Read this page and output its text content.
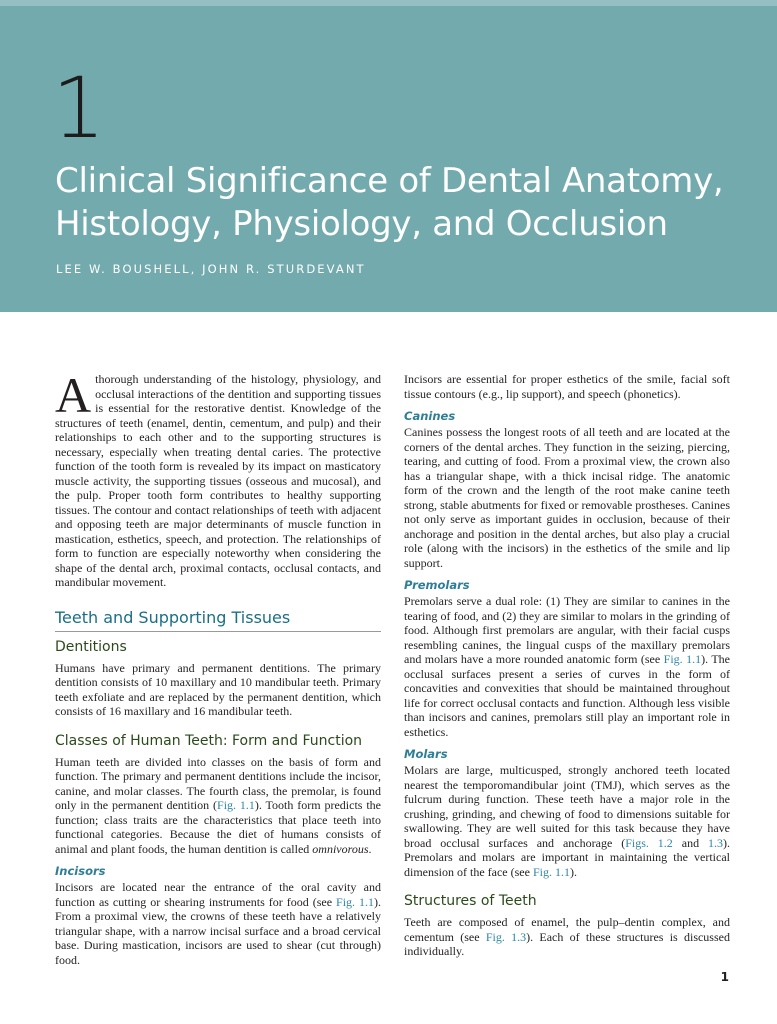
1
Clinical Significance of Dental Anatomy,
Histology, Physiology, and Occlusion
LEE W. BOUSHELL, JOHN R. STURDEVANT

Athorough understanding of the histology, physiology, and occlusal interactions of the dentition and supporting tissues is essential for the restorative dentist. Knowledge of the structures of teeth (enamel, dentin, cementum, and pulp) and their relationships to each other and to the supporting structures is necessary, especially when treating dental caries. The protective function of the tooth form is revealed by its impact on masticatory muscle activity, the supporting tissues (osseous and mucosal), and the pulp. Proper tooth form contributes to healthy supporting tissues. The contour and contact relationships of teeth with adjacent and opposing teeth are major determinants of muscle function in mastication, esthetics, speech, and protection. The relationships of form to function are especially noteworthy when considering the shape of the dental arch, proximal contacts, occlusal contacts, and mandibular movement.

Teeth and Supporting Tissues
Dentitions

Humans have primary and permanent dentitions. The primary dentition consists of 10 maxillary and 10 mandibular teeth. Primary teeth exfoliate and are replaced by the permanent dentition, which consists of 16 maxillary and 16 mandibular teeth.

Classes of Human Teeth: Form and Function

Human teeth are divided into classes on the basis of form and function. The primary and permanent dentitions include the incisor, canine, and molar classes. The fourth class, the premolar, is found only in the permanent dentition (Fig. 1.1). Tooth form predicts the function; class traits are the characteristics that place teeth into functional categories. Because the diet of humans consists of animal and plant foods, the human dentition is called omnivorous.

Incisors

Incisors are located near the entrance of the oral cavity and function as cutting or shearing instruments for food (see Fig. 1.1). From a proximal view, the crowns of these teeth have a relatively triangular shape, with a narrow incisal surface and a broad cervical base. During mastication, incisors are used to shear (cut through) food.

Incisors are essential for proper esthetics of the smile, facial soft tissue contours (e.g., lip support), and speech (phonetics).

Canines

Canines possess the longest roots of all teeth and are located at the corners of the dental arches. They function in the seizing, piercing, tearing, and cutting of food. From a proximal view, the crown also has a triangular shape, with a thick incisal ridge. The anatomic form of the crown and the length of the root make canine teeth strong, stable abutments for fixed or removable prostheses. Canines not only serve as important guides in occlusion, because of their anchorage and position in the dental arches, but also play a crucial role (along with the incisors) in the esthetics of the smile and lip support.

Premolars

Premolars serve a dual role: (1) They are similar to canines in the tearing of food, and (2) they are similar to molars in the grinding of food. Although first premolars are angular, with their facial cusps resembling canines, the lingual cusps of the maxillary premolars and molars have a more rounded anatomic form (see Fig. 1.1). The occlusal surfaces present a series of curves in the form of concavities and convexities that should be maintained throughout life for correct occlusal contacts and function. Although less visible than incisors and canines, premolars still play an important role in esthetics.

Molars

Molars are large, multicusped, strongly anchored teeth located nearest the temporomandibular joint (TMJ), which serves as the fulcrum during function. These teeth have a major role in the crushing, grinding, and chewing of food to dimensions suitable for swallowing. They are well suited for this task because they have broad occlusal surfaces and anchorage (Figs. 1.2 and 1.3). Premolars and molars are important in maintaining the vertical dimension of the face (see Fig. 1.1).

Structures of Teeth

Teeth are composed of enamel, the pulp–dentin complex, and cementum (see Fig. 1.3). Each of these structures is discussed individually.

1
